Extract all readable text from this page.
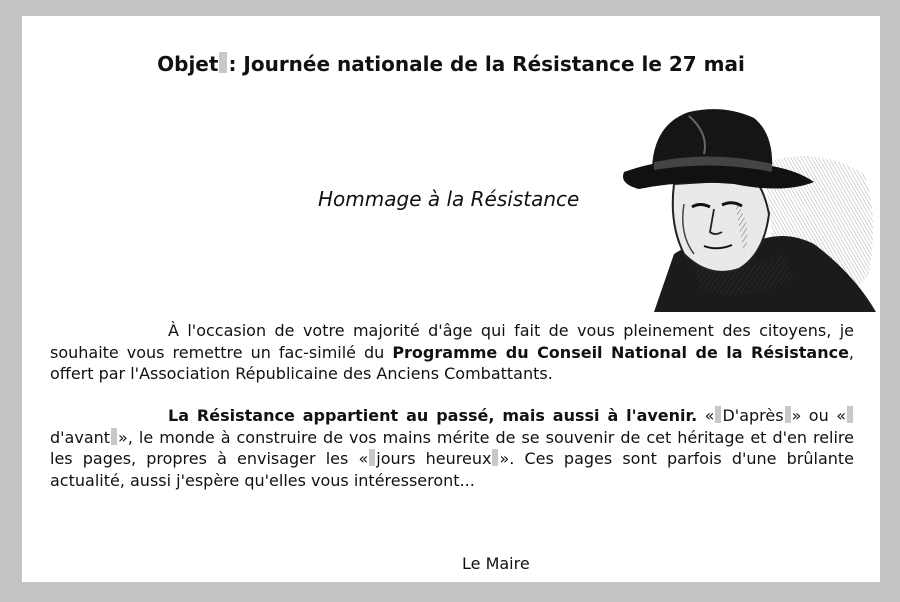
Objet : Journée nationale de la Résistance le 27 mai
Hommage à la Résistance
À l'occasion de votre majorité d'âge qui fait de vous pleinement des citoyens, je souhaite vous remettre un fac-similé du Programme du Conseil National de la Résistance, offert par l'Association Républicaine des Anciens Combattants.
La Résistance appartient au passé, mais aussi à l'avenir. « D'après » ou «d'avant », le monde à construire de vos mains mérite de se souvenir de cet héritage et d'en relire les pages, propres à envisager les « jours heureux ». Ces pages sont parfois d'une brûlante actualité, aussi j'espère qu'elles vous intéresseront...
Le Maire
